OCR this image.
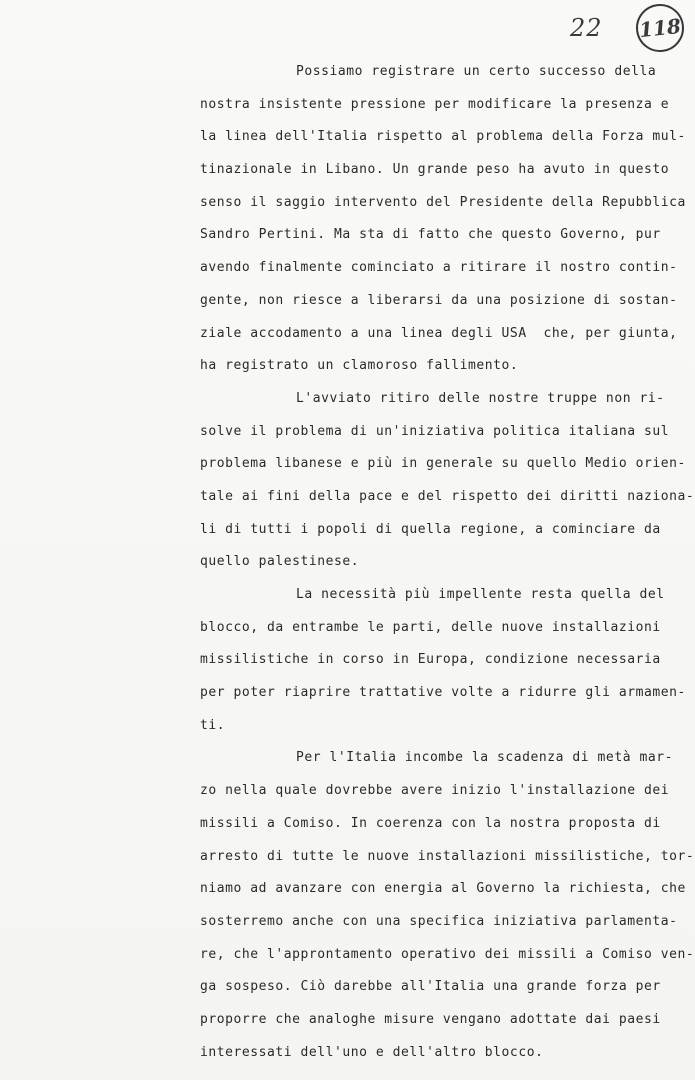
22 118
Possiamo registrare un certo successo della
nostra insistente pressione per modificare la presenza e
la linea dell'Italia rispetto al problema della Forza mul-
tinazionale in Libano. Un grande peso ha avuto in questo
senso il saggio intervento del Presidente della Repubblica
Sandro Pertini. Ma sta di fatto che questo Governo, pur
avendo finalmente cominciato a ritirare il nostro contin-
gente, non riesce a liberarsi da una posizione di sostan-
ziale accodamento a una linea degli USA  che, per giunta,
ha registrato un clamoroso fallimento.
L'avviato ritiro delle nostre truppe non ri-
solve il problema di un'iniziativa politica italiana sul
problema libanese e più in generale su quello Medio orien-
tale ai fini della pace e del rispetto dei diritti naziona-
li di tutti i popoli di quella regione, a cominciare da
quello palestinese.
La necessità più impellente resta quella del
blocco, da entrambe le parti, delle nuove installazioni
missilistiche in corso in Europa, condizione necessaria
per poter riaprire trattative volte a ridurre gli armamen-
ti.
Per l'Italia incombe la scadenza di metà mar-
zo nella quale dovrebbe avere inizio l'installazione dei
missili a Comiso. In coerenza con la nostra proposta di
arresto di tutte le nuove installazioni missilistiche, tor-
niamo ad avanzare con energia al Governo la richiesta, che
sosterremo anche con una specifica iniziativa parlamenta-
re, che l'approntamento operativo dei missili a Comiso ven-
ga sospeso. Ciò darebbe all'Italia una grande forza per
proporre che analoghe misure vengano adottate dai paesi
interessati dell'uno e dell'altro blocco.
